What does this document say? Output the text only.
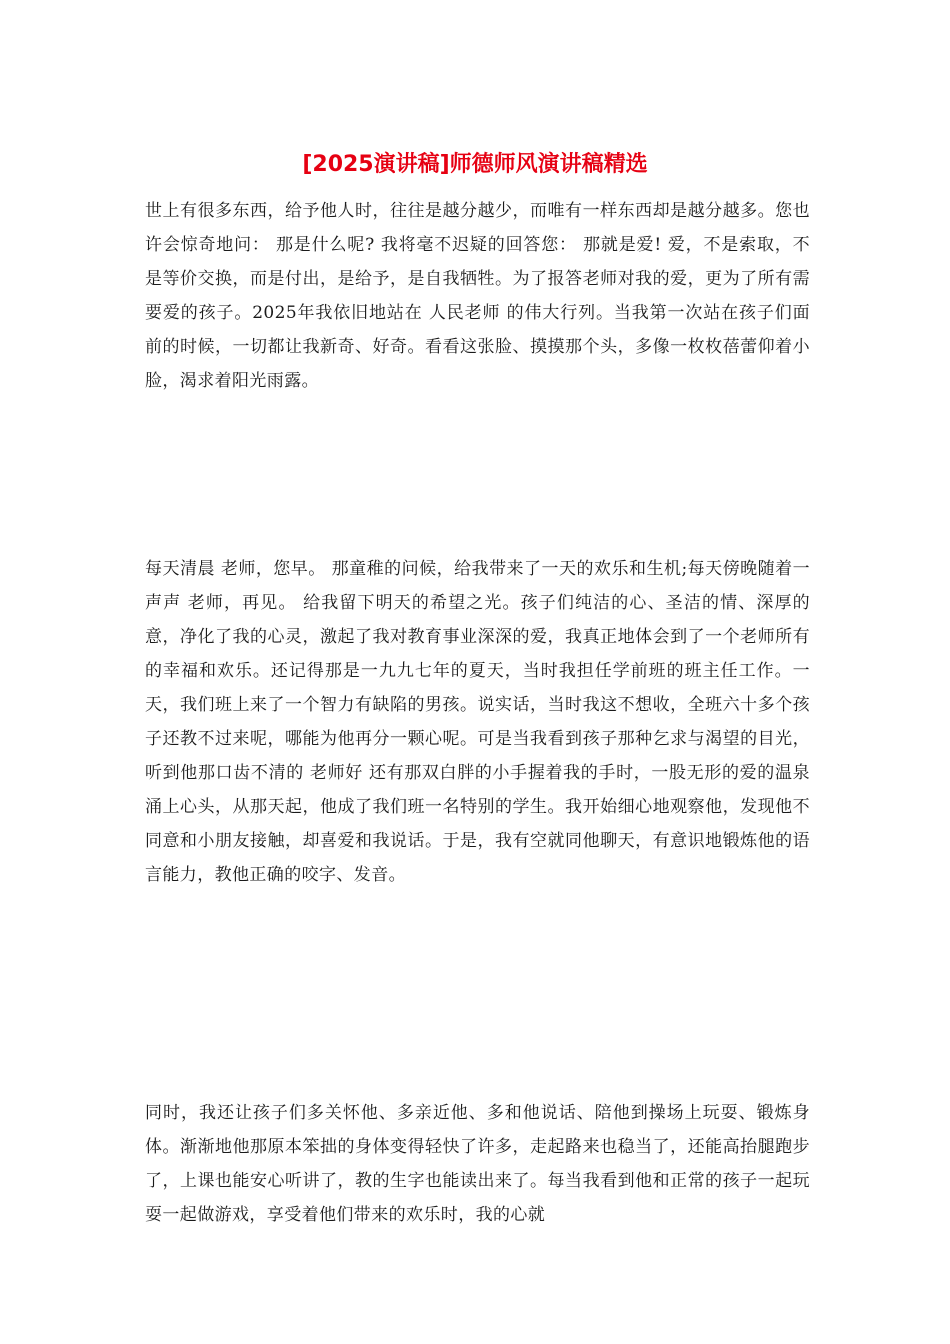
[2025演讲稿]师德师风演讲稿精选

世上有很多东西，给予他人时，往往是越分越少，而唯有一样东西却是越分越多。您也许会惊奇地问： 那是什么呢? 我将毫不迟疑的回答您： 那就是爱! 爱，不是索取，不是等价交换，而是付出，是给予，是自我牺牲。为了报答老师对我的爱，更为了所有需要爱的孩子。2025年我依旧地站在 人民老师 的伟大行列。当我第一次站在孩子们面前的时候，一切都让我新奇、好奇。看看这张脸、摸摸那个头，多像一枚枚蓓蕾仰着小脸，渴求着阳光雨露。

每天清晨 老师，您早。 那童稚的问候，给我带来了一天的欢乐和生机;每天傍晚随着一声声 老师，再见。 给我留下明天的希望之光。孩子们纯洁的心、圣洁的情、深厚的意，净化了我的心灵，激起了我对教育事业深深的爱，我真正地体会到了一个老师所有的幸福和欢乐。还记得那是一九九七年的夏天，当时我担任学前班的班主任工作。一天，我们班上来了一个智力有缺陷的男孩。说实话，当时我这不想收，全班六十多个孩子还教不过来呢，哪能为他再分一颗心呢。可是当我看到孩子那种乞求与渴望的目光，听到他那口齿不清的 老师好 还有那双白胖的小手握着我的手时，一股无形的爱的温泉涌上心头，从那天起，他成了我们班一名特别的学生。我开始细心地观察他，发现他不同意和小朋友接触，却喜爱和我说话。于是，我有空就同他聊天，有意识地锻炼他的语言能力，教他正确的咬字、发音。

同时，我还让孩子们多关怀他、多亲近他、多和他说话、陪他到操场上玩耍、锻炼身体。渐渐地他那原本笨拙的身体变得轻快了许多，走起路来也稳当了，还能高抬腿跑步了，上课也能安心听讲了，教的生字也能读出来了。每当我看到他和正常的孩子一起玩耍一起做游戏，享受着他们带来的欢乐时，我的心就
